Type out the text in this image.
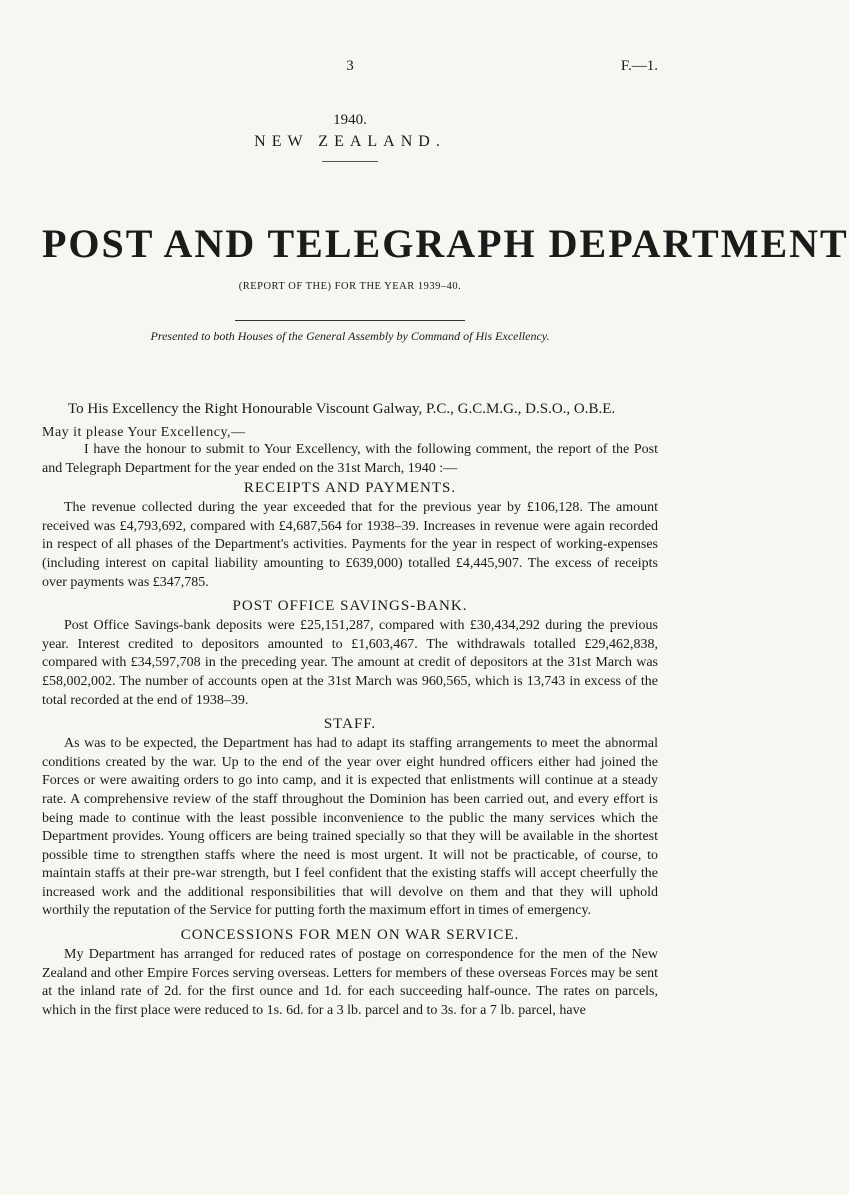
3	F.—1.
1940.
NEW ZEALAND.
POST AND TELEGRAPH DEPARTMENT
(REPORT OF THE) FOR THE YEAR 1939–40.
Presented to both Houses of the General Assembly by Command of His Excellency.
To His Excellency the Right Honourable Viscount Galway, P.C., G.C.M.G., D.S.O., O.B.E.
May it please Your Excellency,—

I have the honour to submit to Your Excellency, with the following comment, the report of the Post and Telegraph Department for the year ended on the 31st March, 1940 :—

RECEIPTS AND PAYMENTS.

The revenue collected during the year exceeded that for the previous year by £106,128. The amount received was £4,793,692, compared with £4,687,564 for 1938–39. Increases in revenue were again recorded in respect of all phases of the Department's activities. Payments for the year in respect of working-expenses (including interest on capital liability amounting to £639,000) totalled £4,445,907. The excess of receipts over payments was £347,785.

POST OFFICE SAVINGS-BANK.

Post Office Savings-bank deposits were £25,151,287, compared with £30,434,292 during the previous year. Interest credited to depositors amounted to £1,603,467. The withdrawals totalled £29,462,838, compared with £34,597,708 in the preceding year. The amount at credit of depositors at the 31st March was £58,002,002. The number of accounts open at the 31st March was 960,565, which is 13,743 in excess of the total recorded at the end of 1938–39.

STAFF.

As was to be expected, the Department has had to adapt its staffing arrangements to meet the abnormal conditions created by the war. Up to the end of the year over eight hundred officers either had joined the Forces or were awaiting orders to go into camp, and it is expected that enlistments will continue at a steady rate. A comprehensive review of the staff throughout the Dominion has been carried out, and every effort is being made to continue with the least possible inconvenience to the public the many services which the Department provides. Young officers are being trained specially so that they will be available in the shortest possible time to strengthen staffs where the need is most urgent. It will not be practicable, of course, to maintain staffs at their pre-war strength, but I feel confident that the existing staffs will accept cheerfully the increased work and the additional responsibilities that will devolve on them and that they will uphold worthily the reputation of the Service for putting forth the maximum effort in times of emergency.

CONCESSIONS FOR MEN ON WAR SERVICE.

My Department has arranged for reduced rates of postage on correspondence for the men of the New Zealand and other Empire Forces serving overseas. Letters for members of these overseas Forces may be sent at the inland rate of 2d. for the first ounce and 1d. for each succeeding half-ounce. The rates on parcels, which in the first place were reduced to 1s. 6d. for a 3 lb. parcel and to 3s. for a 7 lb. parcel, have
